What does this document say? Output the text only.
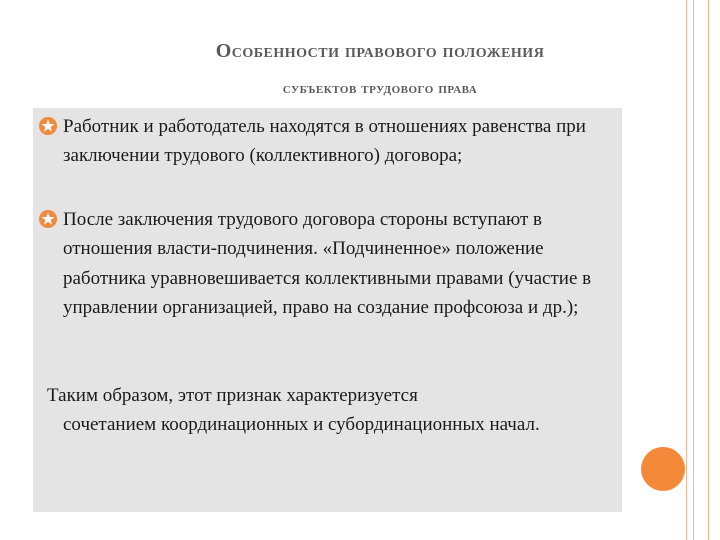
Особенности правового положения
субъектов трудового права

Работник и работодатель находятся в отношениях равенства при заключении трудового (коллективного) договора;

После заключения трудового договора стороны вступают в отношения власти-подчинения. «Подчиненное» положение работника уравновешивается коллективными правами (участие в управлении организацией, право на создание профсоюза и др.);

Таким образом, этот признак характеризуется

сочетанием координационных и субординационных начал.
